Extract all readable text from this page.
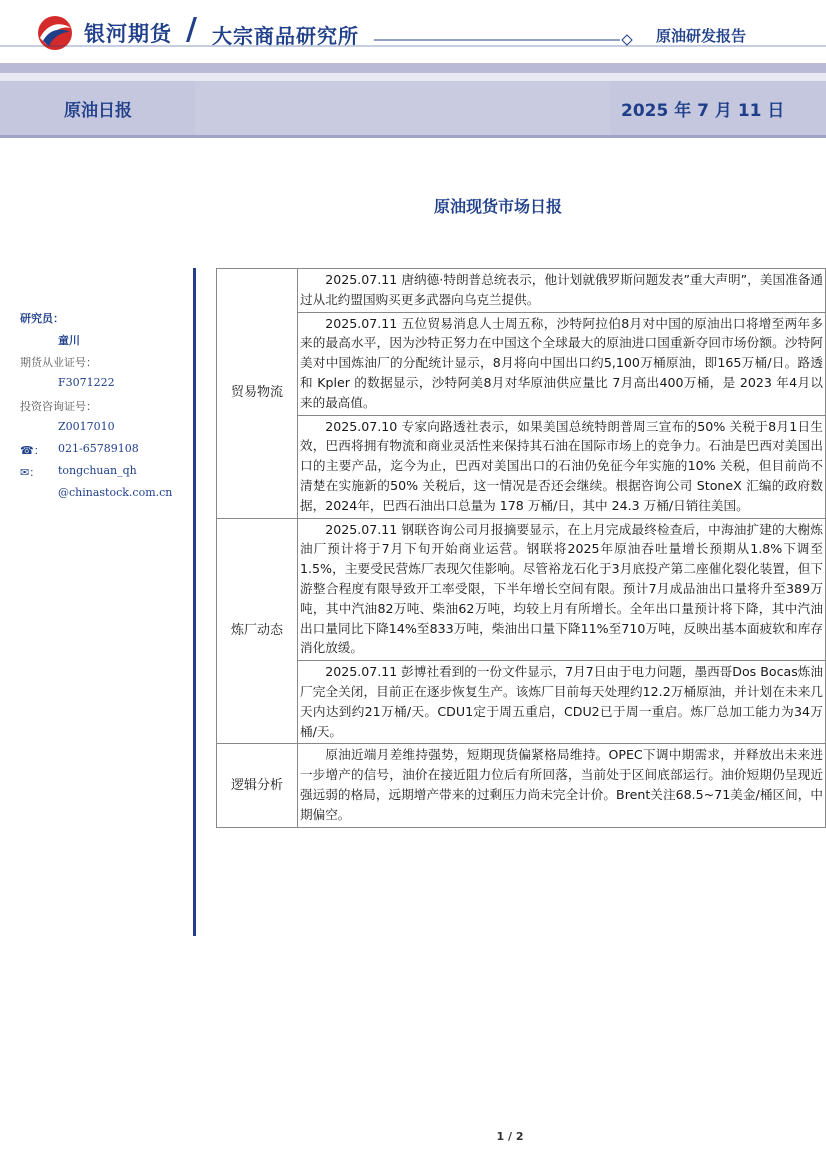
银河期货 / 大宗商品研究所	原油研发报告
原油日报	2025 年 7 月 11 日
原油现货市场日报
研究员：
童川
期货从业证号：
F3071222
投资咨询证号：
Z0017010
☎： 021-65789108
✉： tongchuan_qh
@chinastock.com.cn
贸易物流	2025.07.11 唐纳德·特朗普总统表示，他计划就俄罗斯问题发表”重大声明”，美国准备通过从北约盟国购买更多武器向乌克兰提供。
	2025.07.11 五位贸易消息人士周五称，沙特阿拉伯8月对中国的原油出口将增至两年多来的最高水平，因为沙特正努力在中国这个全球最大的原油进口国重新夺回市场份额。沙特阿美对中国炼油厂的分配统计显示，8月将向中国出口约5,100万桶原油，即165万桶/日。路透和 Kpler 的数据显示，沙特阿美8月对华原油供应量比 7月高出400万桶，是 2023 年4月以来的最高值。
	2025.07.10 专家向路透社表示，如果美国总统特朗普周三宣布的50% 关税于8月1日生效，巴西将拥有物流和商业灵活性来保持其石油在国际市场上的竞争力。石油是巴西对美国出口的主要产品，迄今为止，巴西对美国出口的石油仍免征今年实施的10% 关税，但目前尚不清楚在实施新的50% 关税后，这一情况是否还会继续。根据咨询公司 StoneX 汇编的政府数据，2024年，巴西石油出口总量为 178 万桶/日，其中 24.3 万桶/日销往美国。
炼厂动态	2025.07.11 钢联咨询公司月报摘要显示，在上月完成最终检查后，中海油扩建的大榭炼油厂预计将于7月下旬开始商业运营。钢联将2025年原油吞吐量增长预期从1.8%下调至1.5%，主要受民营炼厂表现欠佳影响。尽管裕龙石化于3月底投产第二座催化裂化装置，但下游整合程度有限导致开工率受限，下半年增长空间有限。预计7月成品油出口量将升至389万吨，其中汽油82万吨、柴油62万吨，均较上月有所增长。全年出口量预计将下降，其中汽油出口量同比下降14%至833万吨，柴油出口量下降11%至710万吨，反映出基本面疲软和库存消化放缓。
	2025.07.11 彭博社看到的一份文件显示，7月7日由于电力问题，墨西哥Dos Bocas炼油厂完全关闭，目前正在逐步恢复生产。该炼厂目前每天处理约12.2万桶原油，并计划在未来几天内达到约21万桶/天。CDU1定于周五重启，CDU2已于周一重启。炼厂总加工能力为34万桶/天。
逻辑分析	原油近端月差维持强势，短期现货偏紧格局维持。OPEC下调中期需求，并释放出未来进一步增产的信号，油价在接近阻力位后有所回落，当前处于区间底部运行。油价短期仍呈现近强远弱的格局，远期增产带来的过剩压力尚未完全计价。Brent关注68.5~71美金/桶区间，中期偏空。
1 / 2
